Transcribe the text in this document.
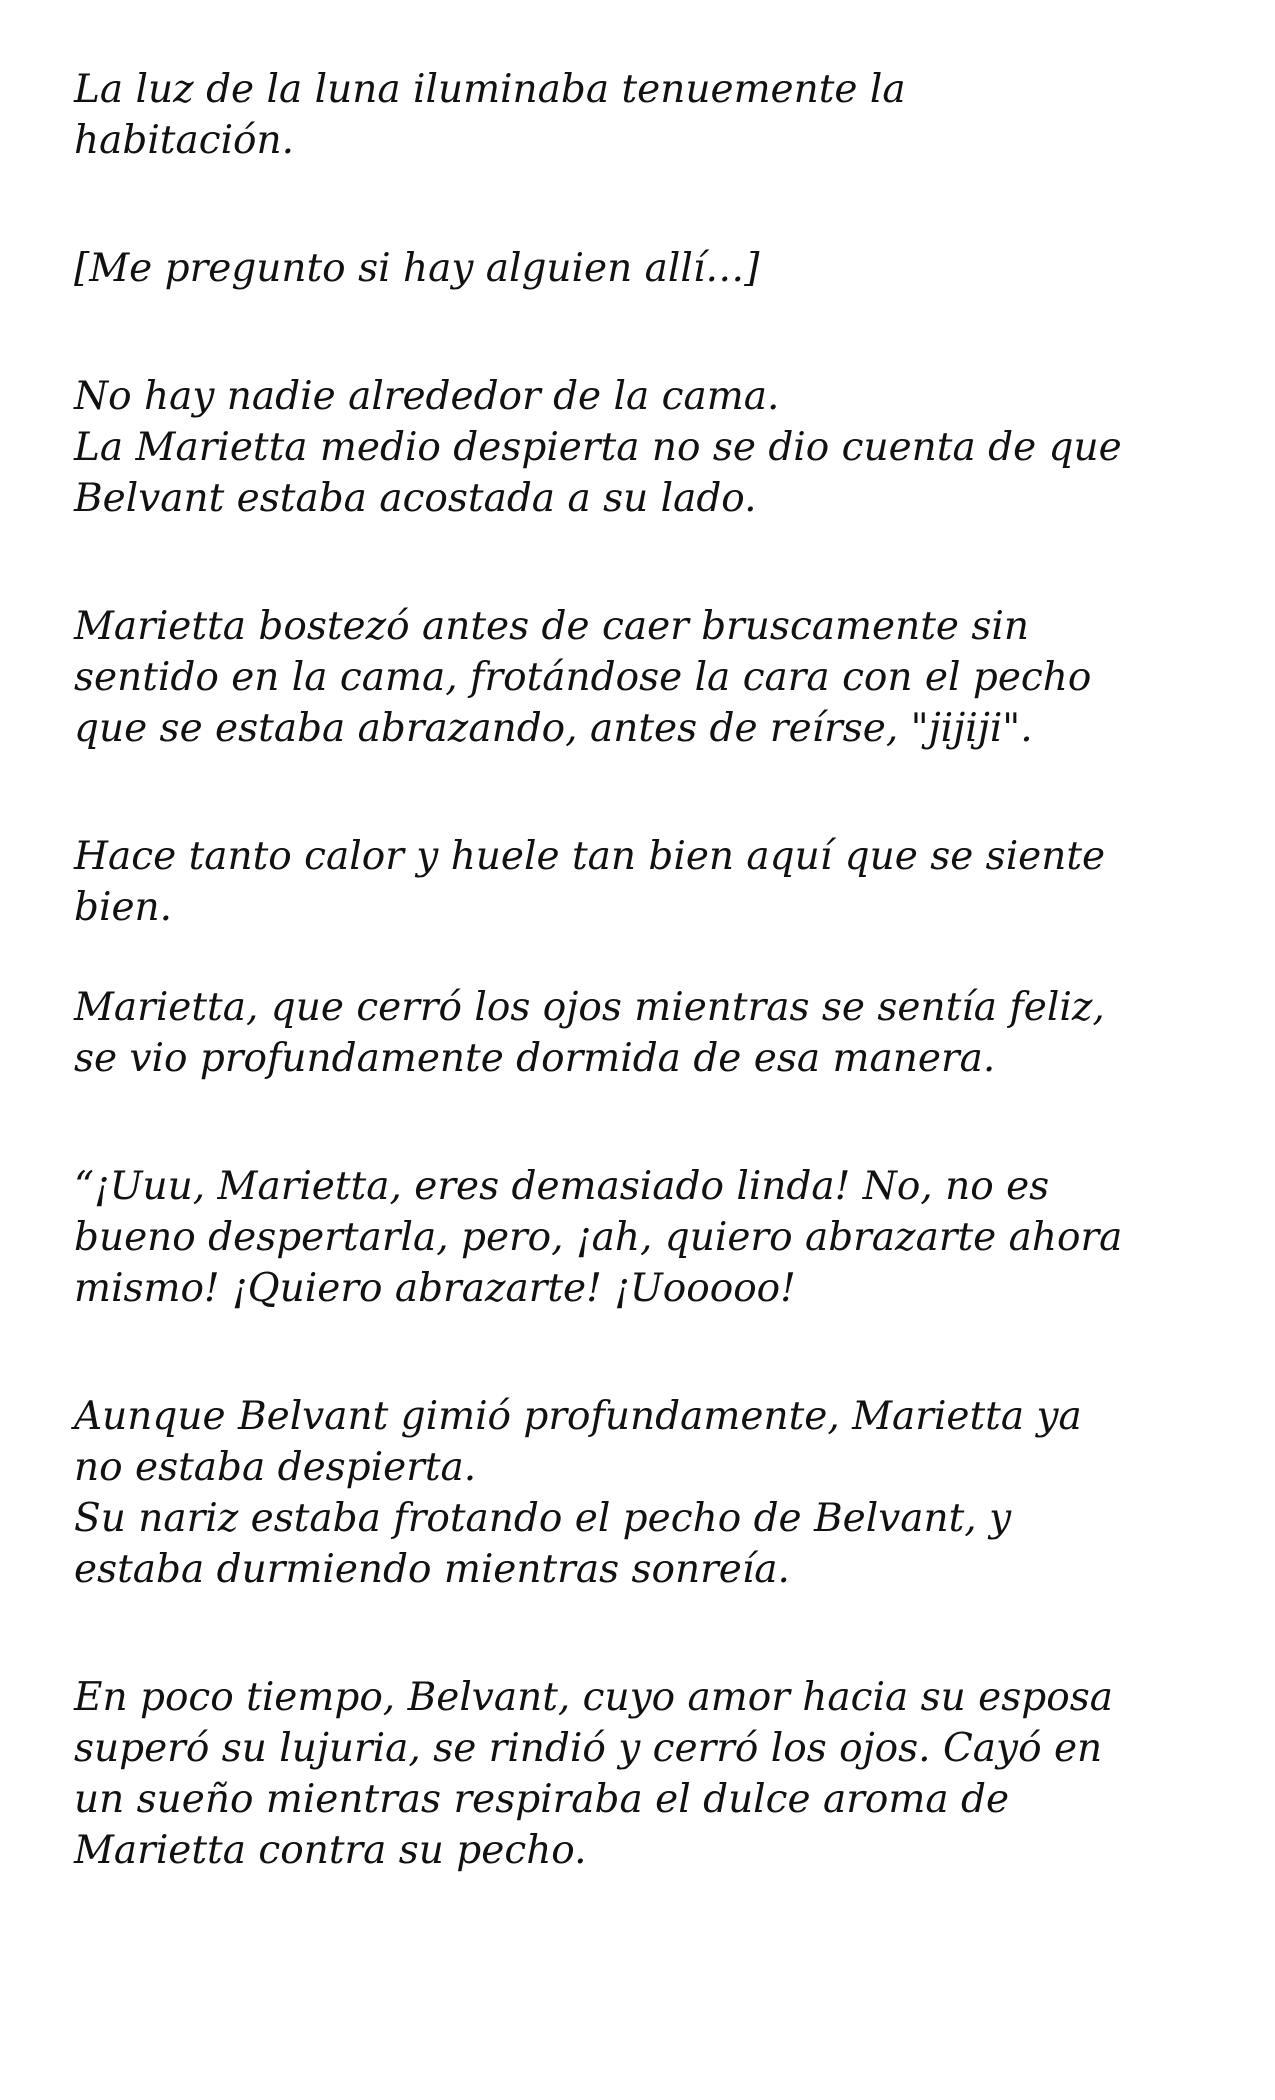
La luz de la luna iluminaba tenuemente la
habitación.

[Me pregunto si hay alguien allí…]

No hay nadie alrededor de la cama.
La Marietta medio despierta no se dio cuenta de que
Belvant estaba acostada a su lado.

Marietta bostezó antes de caer bruscamente sin
sentido en la cama, frotándose la cara con el pecho
que se estaba abrazando, antes de reírse, "jijiji".

Hace tanto calor y huele tan bien aquí que se siente
bien.

Marietta, que cerró los ojos mientras se sentía feliz,
se vio profundamente dormida de esa manera.

“¡Uuu, Marietta, eres demasiado linda! No, no es
bueno despertarla, pero, ¡ah, quiero abrazarte ahora
mismo! ¡Quiero abrazarte! ¡Uooooo!

Aunque Belvant gimió profundamente, Marietta ya
no estaba despierta.
Su nariz estaba frotando el pecho de Belvant, y
estaba durmiendo mientras sonreía.

En poco tiempo, Belvant, cuyo amor hacia su esposa
superó su lujuria, se rindió y cerró los ojos. Cayó en
un sueño mientras respiraba el dulce aroma de
Marietta contra su pecho.
